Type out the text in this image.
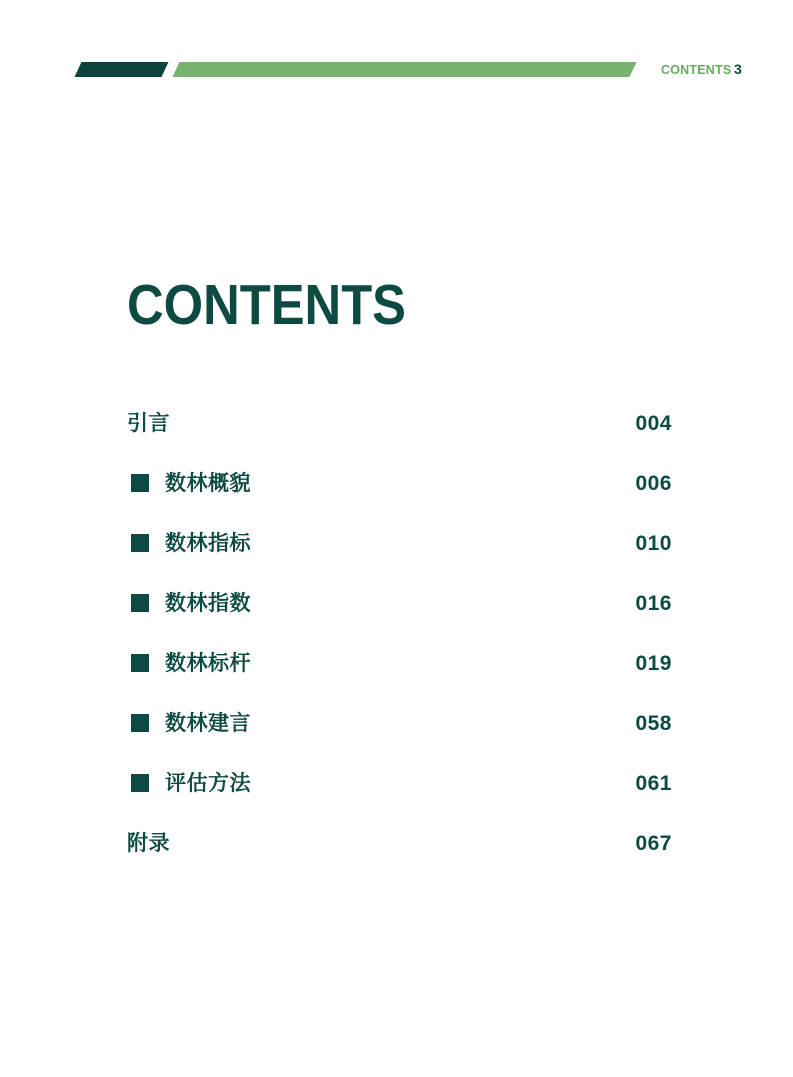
CONTENTS 3
CONTENTS
引言	004
数林概貌	006
数林指标	010
数林指数	016
数林标杆	019
数林建言	058
评估方法	061
附录	067
